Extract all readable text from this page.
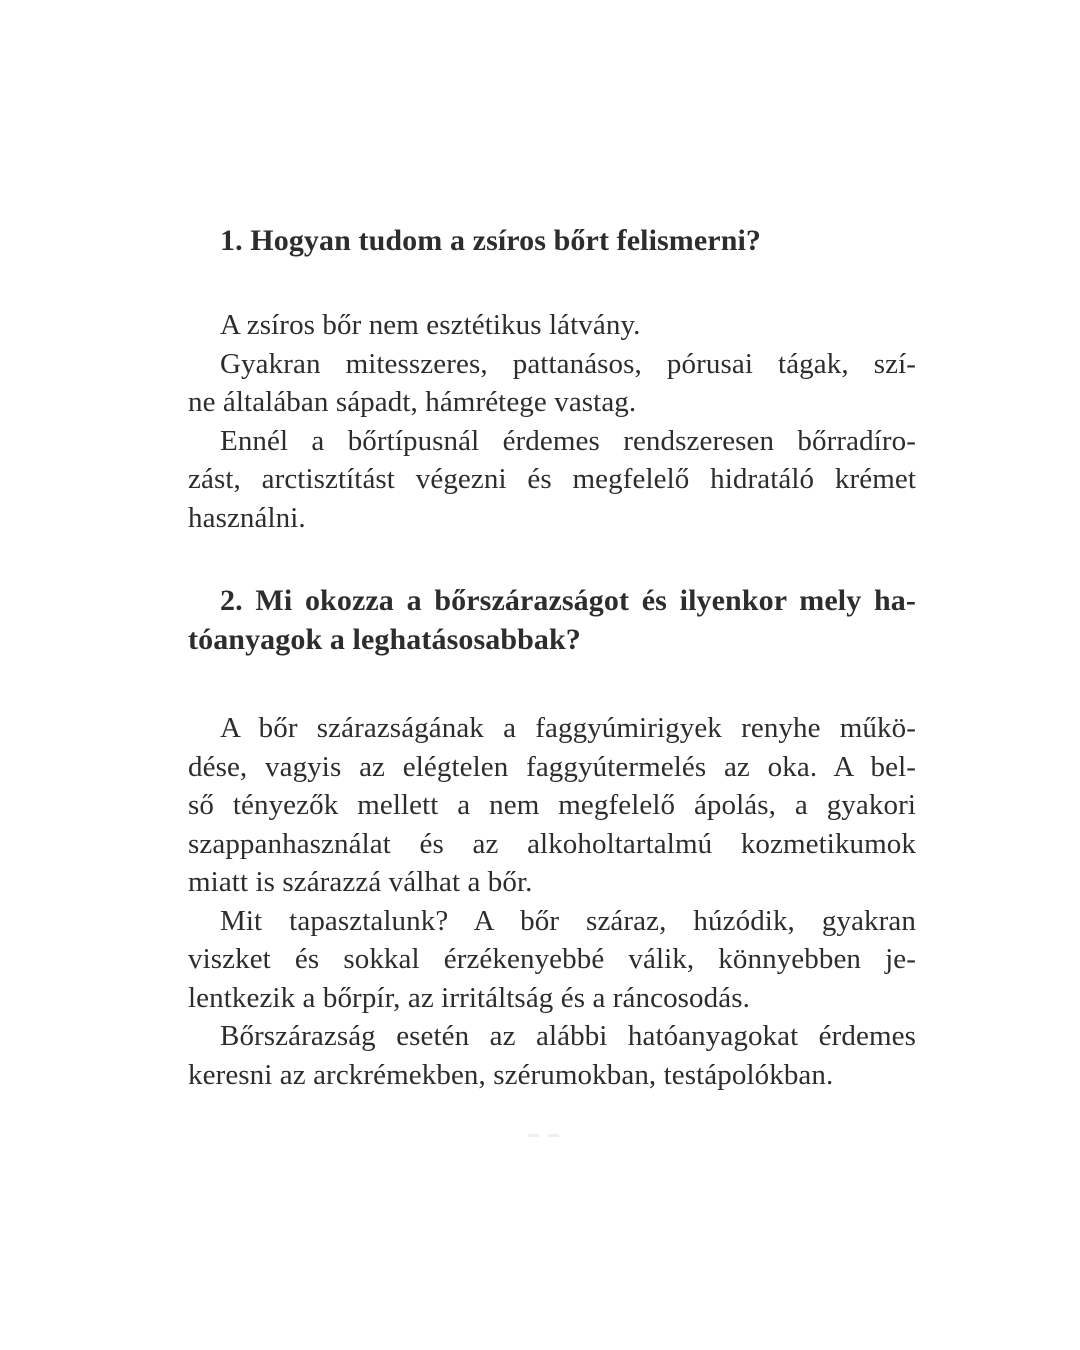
1. Hogyan tudom a zsíros bőrt felismerni?
A zsíros bőr nem esztétikus látvány.
Gyakran mitesszeres, pattanásos, pórusai tágak, szí-
ne általában sápadt, hámrétege vastag.
Ennél a bőrtípusnál érdemes rendszeresen bőrradíro-
zást, arctisztítást végezni és megfelelő hidratáló krémet
használni.
2. Mi okozza a bőrszárazságot és ilyenkor mely ha-
tóanyagok a leghatásosabbak?
A bőr szárazságának a faggyúmirigyek renyhe műkö-
dése, vagyis az elégtelen faggyútermelés az oka. A bel-
ső tényezők mellett a nem megfelelő ápolás, a gyakori
szappanhasználat és az alkoholtartalmú kozmetikumok
miatt is szárazzá válhat a bőr.
Mit tapasztalunk? A bőr száraz, húzódik, gyakran
viszket és sokkal érzékenyebbé válik, könnyebben je-
lentkezik a bőrpír, az irritáltság és a ráncosodás.
Bőrszárazság esetén az alábbi hatóanyagokat érdemes
keresni az arckrémekben, szérumokban, testápolókban.
